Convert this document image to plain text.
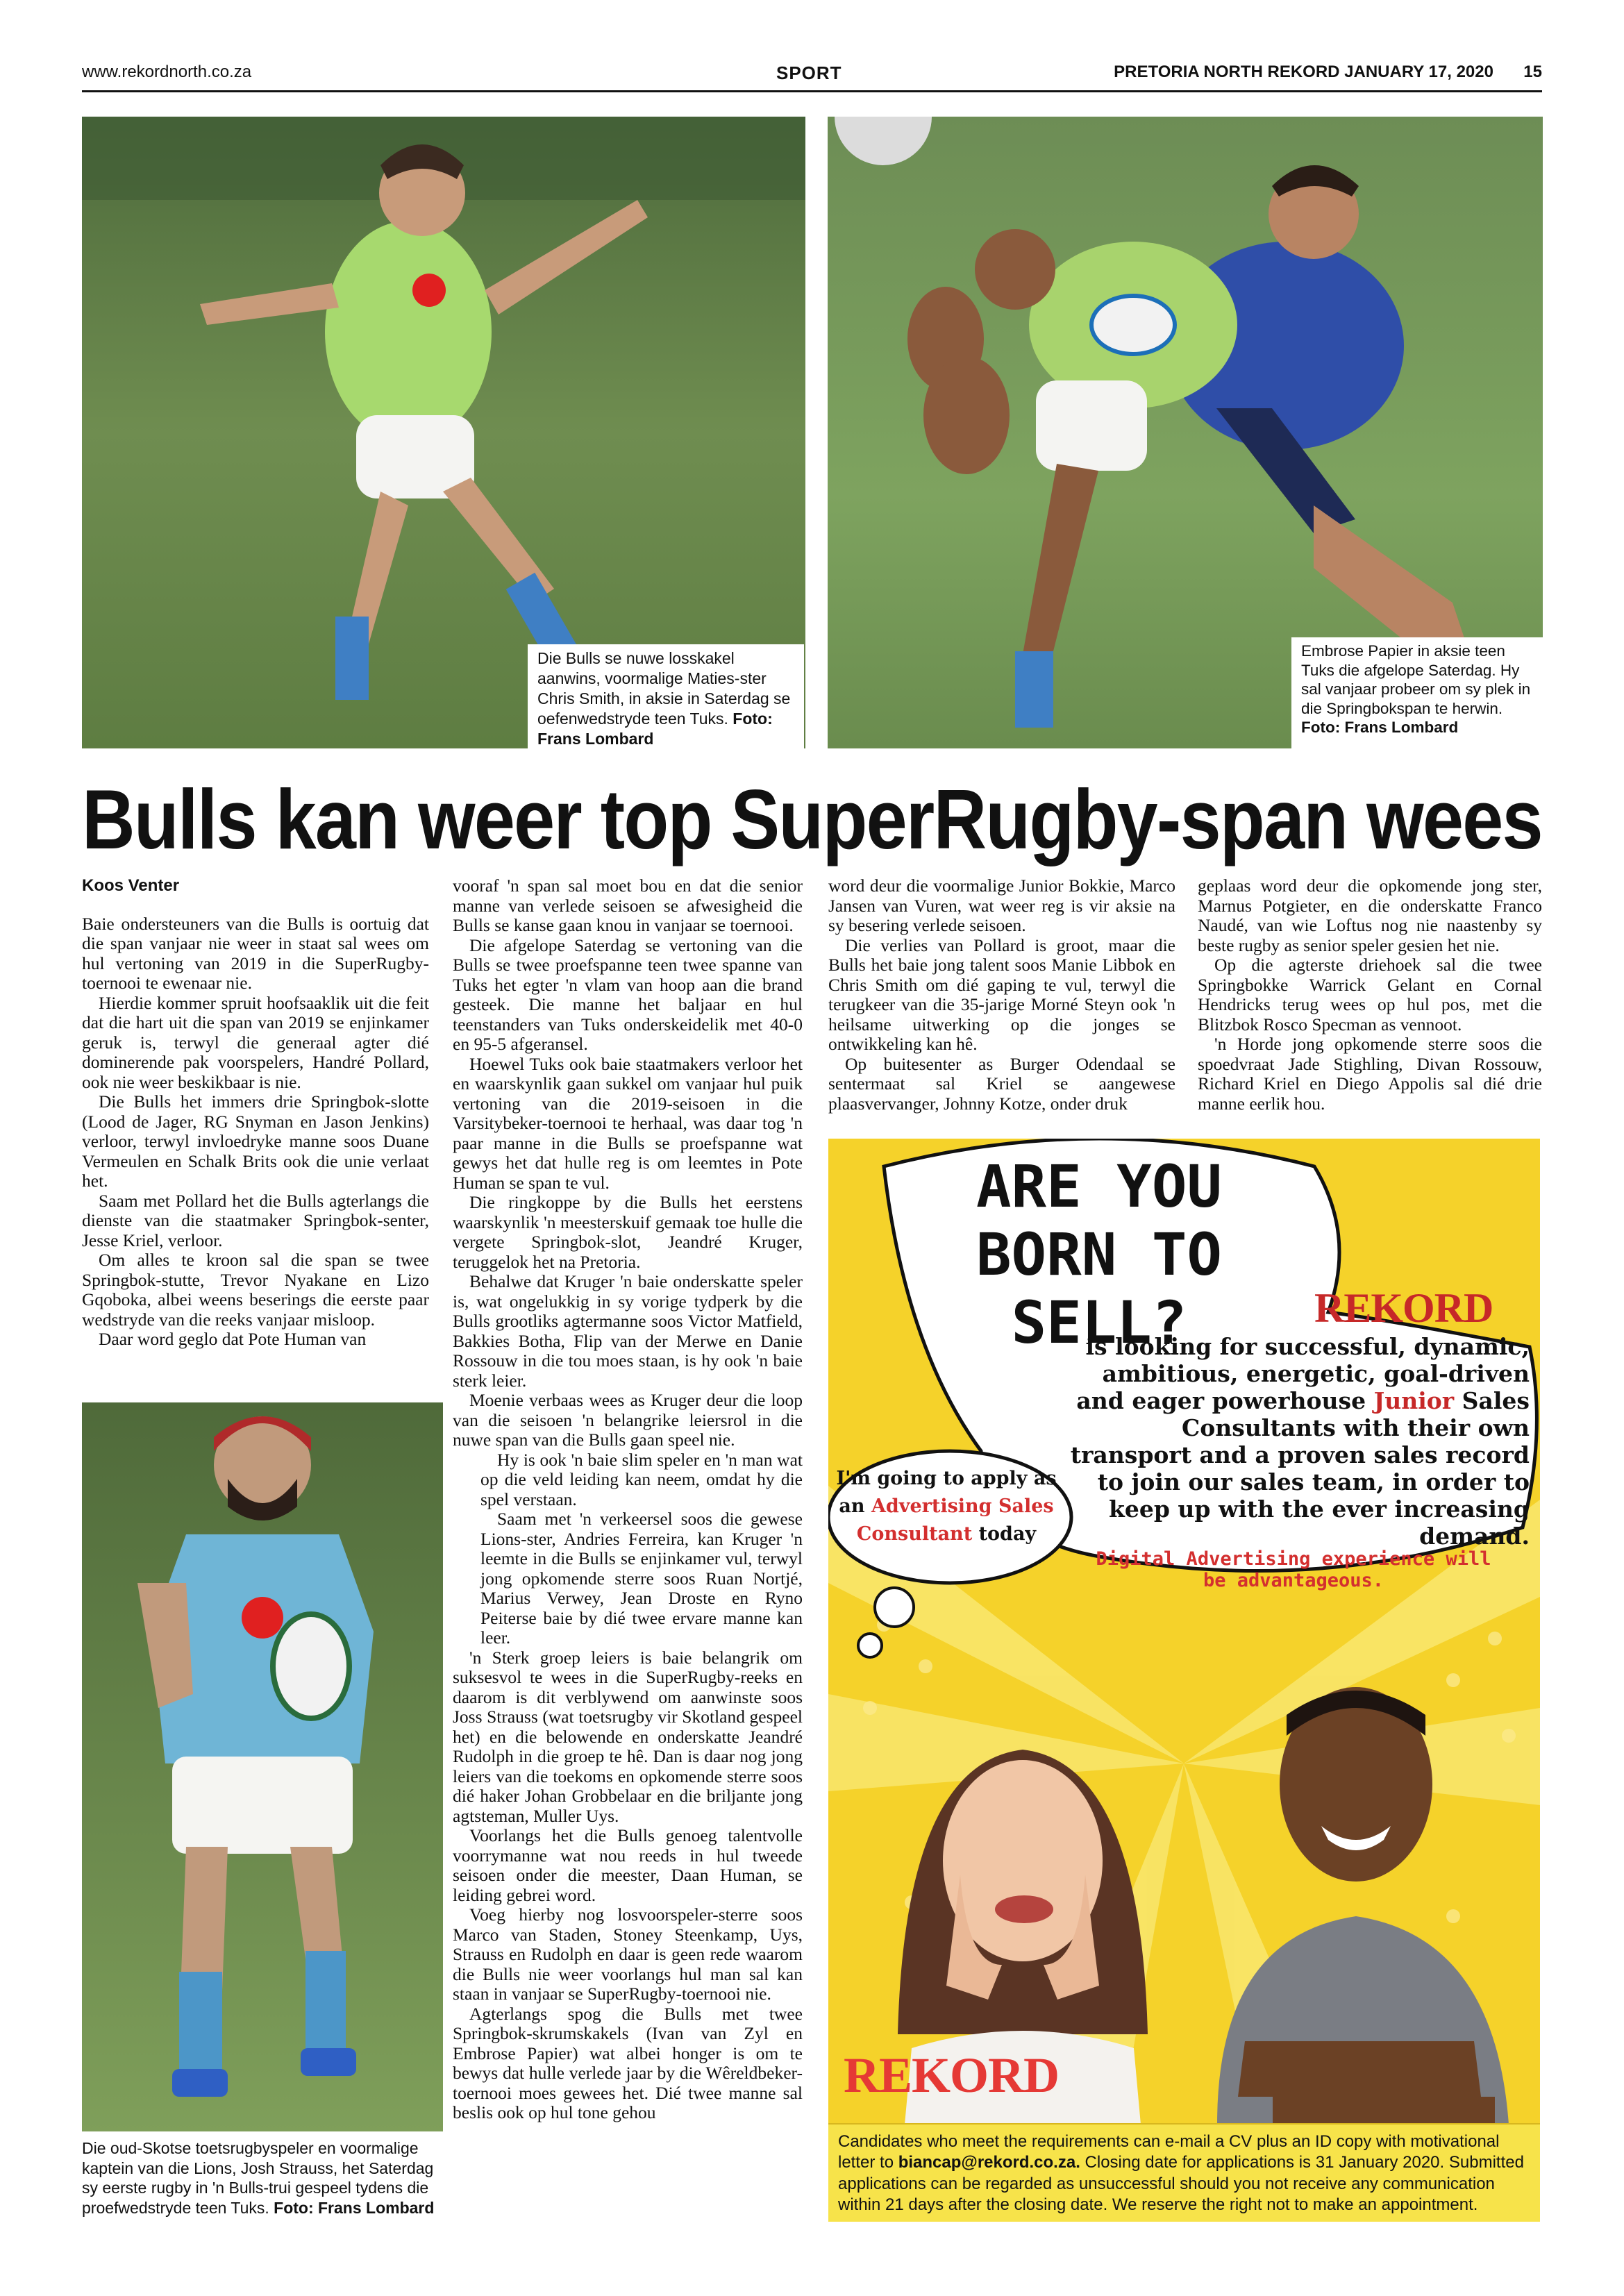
www.rekordnorth.co.za	SPORT	PRETORIA NORTH REKORD JANUARY 17, 2020 15
Die Bulls se nuwe losskakel aanwins, voormalige Maties-ster Chris Smith, in aksie in Saterdag se oefenwedstryde teen Tuks. Foto: Frans Lombard
Embrose Papier in aksie teen Tuks die afgelope Saterdag. Hy sal vanjaar probeer om sy plek in die Springbokspan te herwin. Foto: Frans Lombard
Bulls kan weer top SuperRugby-span wees
Koos Venter

Baie ondersteuners van die Bulls is oortuig dat die span vanjaar nie weer in staat sal wees om hul vertoning van 2019 in die SuperRugby-toernooi te ewenaar nie.

Hierdie kommer spruit hoofsaaklik uit die feit dat die hart uit die span van 2019 se enjinkamer geruk is, terwyl die generaal agter dié dominerende pak voorspelers, Handré Pollard, ook nie weer beskikbaar is nie.

Die Bulls het immers drie Springbok-slotte (Lood de Jager, RG Snyman en Jason Jenkins) verloor, terwyl invloedryke manne soos Duane Vermeulen en Schalk Brits ook die unie verlaat het.

Saam met Pollard het die Bulls agterlangs die dienste van die staatmaker Springbok-senter, Jesse Kriel, verloor.

Om alles te kroon sal die span se twee Springbok-stutte, Trevor Nyakane en Lizo Gqoboka, albei weens beserings die eerste paar wedstryde van die reeks vanjaar misloop.

Daar word geglo dat Pote Human van

Die oud-Skotse toetsrugbyspeler en voormalige kaptein van die Lions, Josh Strauss, het Saterdag sy eerste rugby in 'n Bulls-trui gespeel tydens die proefwedstryde teen Tuks. Foto: Frans Lombard

vooraf 'n span sal moet bou en dat die senior manne van verlede seisoen se afwesigheid die Bulls se kanse gaan knou in vanjaar se toernooi.

Die afgelope Saterdag se vertoning van die Bulls se twee proefspanne teen twee spanne van Tuks het egter 'n vlam van hoop aan die brand gesteek. Die manne het baljaar en hul teenstanders van Tuks onderskeidelik met 40-0 en 95-5 afgeransel.

Hoewel Tuks ook baie staatmakers verloor het en waarskynlik gaan sukkel om vanjaar hul puik vertoning van die 2019-seisoen in die Varsitybeker-toernooi te herhaal, was daar tog 'n paar manne in die Bulls se proefspanne wat gewys het dat hulle reg is om leemtes in Pote Human se span te vul.

Die ringkoppe by die Bulls het eerstens waarskynlik 'n meesterskuif gemaak toe hulle die vergete Springbok-slot, Jeandré Kruger, teruggelok het na Pretoria.

Behalwe dat Kruger 'n baie onderskatte speler is, wat ongelukkig in sy vorige tydperk by die Bulls grootliks agtermanne soos Victor Matfield, Bakkies Botha, Flip van der Merwe en Danie Rossouw in die tou moes staan, is hy ook 'n baie sterk leier.

Moenie verbaas wees as Kruger deur die loop van die seisoen 'n belangrike leiersrol in die nuwe span van die Bulls gaan speel nie.

Hy is ook 'n baie slim speler en 'n man wat op die veld leiding kan neem, omdat hy die spel verstaan.

Saam met 'n verkeersel soos die gewese Lions-ster, Andries Ferreira, kan Kruger 'n leemte in die Bulls se enjinkamer vul, terwyl jong opkomende sterre soos Ruan Nortjé, Marius Verwey, Jean Droste en Ryno Peiterse baie by dié twee ervare manne kan leer.

'n Sterk groep leiers is baie belangrik om suksesvol te wees in die SuperRugby-reeks en daarom is dit verblywend om aanwinste soos Joss Strauss (wat toetsrugby vir Skotland gespeel het) en die belowende en onderskatte Jeandré Rudolph in die groep te hê. Dan is daar nog jong leiers van die toekoms en opkomende sterre soos dié haker Johan Grobbelaar en die briljante jong agtsteman, Muller Uys.

Voorlangs het die Bulls genoeg talentvolle voorrymanne wat nou reeds in hul tweede seisoen onder die meester, Daan Human, se leiding gebrei word.

Voeg hierby nog losvoorspeler-sterre soos Marco van Staden, Stoney Steenkamp, Uys, Strauss en Rudolph en daar is geen rede waarom die Bulls nie weer voorlangs hul man sal kan staan in vanjaar se SuperRugby-toernooi nie.

Agterlangs spog die Bulls met twee Springbok-skrumskakels (Ivan van Zyl en Embrose Papier) wat albei honger is om te bewys dat hulle verlede jaar by die Wêreldbeker-toernooi moes gewees het. Dié twee manne sal beslis ook op hul tone gehou

word deur die voormalige Junior Bokkie, Marco Jansen van Vuren, wat weer reg is vir aksie na sy besering verlede seisoen.

Die verlies van Pollard is groot, maar die Bulls het baie jong talent soos Manie Libbok en Chris Smith om dié gaping te vul, terwyl die terugkeer van die 35-jarige Morné Steyn ook 'n heilsame uitwerking op die jonges se ontwikkeling kan hê.

Op buitesenter as Burger Odendaal se sentermaat sal Kriel se aangewese plaasvervanger, Johnny Kotze, onder druk

geplaas word deur die opkomende jong ster, Marnus Potgieter, en die onderskatte Franco Naudé, van wie Loftus nog nie naastenby sy beste rugby as senior speler gesien het nie.

Op die agterste driehoek sal die twee Springbokke Warrick Gelant en Cornal Hendricks terug wees op hul pos, met die Blitzbok Rosco Specman as vennoot.

'n Horde jong opkomende sterre soos die spoedvraat Jade Stighling, Divan Rossouw, Richard Kriel en Diego Appolis sal dié drie manne eerlik hou.

ARE YOU
BORN TO
SELL?	REKORD
is looking for successful, dynamic, ambitious, energetic, goal-driven and eager powerhouse Junior Sales Consultants with their own transport and a proven sales record to join our sales team, in order to keep up with the ever increasing demand.
Digital Advertising experience will be advantageous.
I'm going to apply as an Advertising Sales Consultant today
REKORD
Candidates who meet the requirements can e-mail a CV plus an ID copy with motivational letter to biancap@rekord.co.za. Closing date for applications is 31 January 2020. Submitted applications can be regarded as unsuccessful should you not receive any communication within 21 days after the closing date. We reserve the right not to make an appointment.
